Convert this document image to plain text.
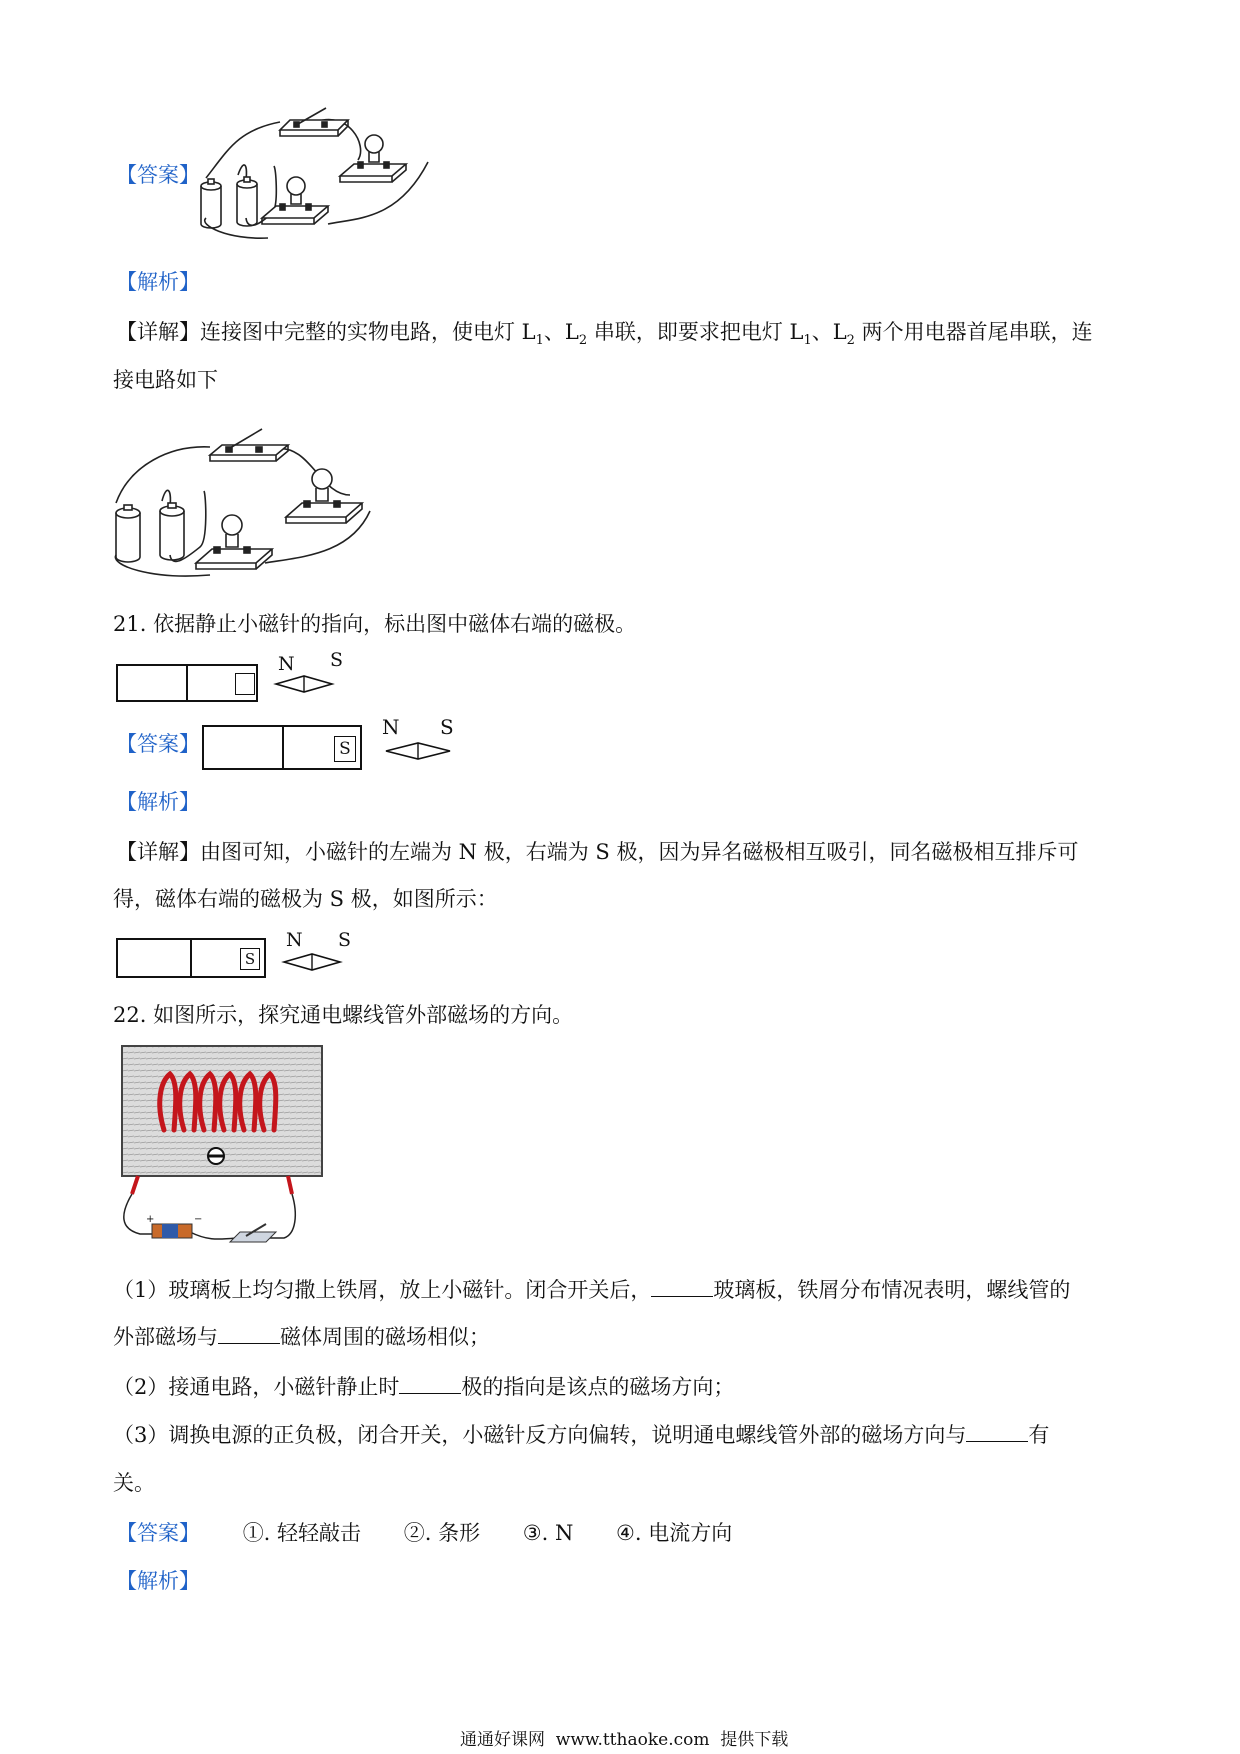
【答案】
【解析】
【详解】连接图中完整的实物电路，使电灯 $L_1$、$L_2$ 串联，即要求把电灯 $L_1$、$L_2$ 两个用电器首尾串联，连
接电路如下
21. 依据静止小磁针的指向，标出图中磁体右端的磁极。
N S
【答案】	S
N S
【解析】
【详解】由图可知，小磁针的左端为 N 极，右端为 S 极，因为异名磁极相互吸引，同名磁极相互排斥可
得，磁体右端的磁极为 S 极，如图所示：
S
N S
22. 如图所示，探究通电螺线管外部磁场的方向。
+	−
（1）玻璃板上均匀撒上铁屑，放上小磁针。闭合开关后，	玻璃板，铁屑分布情况表明，螺线管的
外部磁场与	磁体周围的磁场相似；
（2）接通电路，小磁针静止时	极的指向是该点的磁场方向；
（3）调换电源的正负极，闭合开关，小磁针反方向偏转，说明通电螺线管外部的磁场方向与	有
关。
【答案】 ①. 轻轻敲击 ②. 条形 ③. N ④. 电流方向
【解析】
通通好课网  www.tthaoke.com  提供下载
